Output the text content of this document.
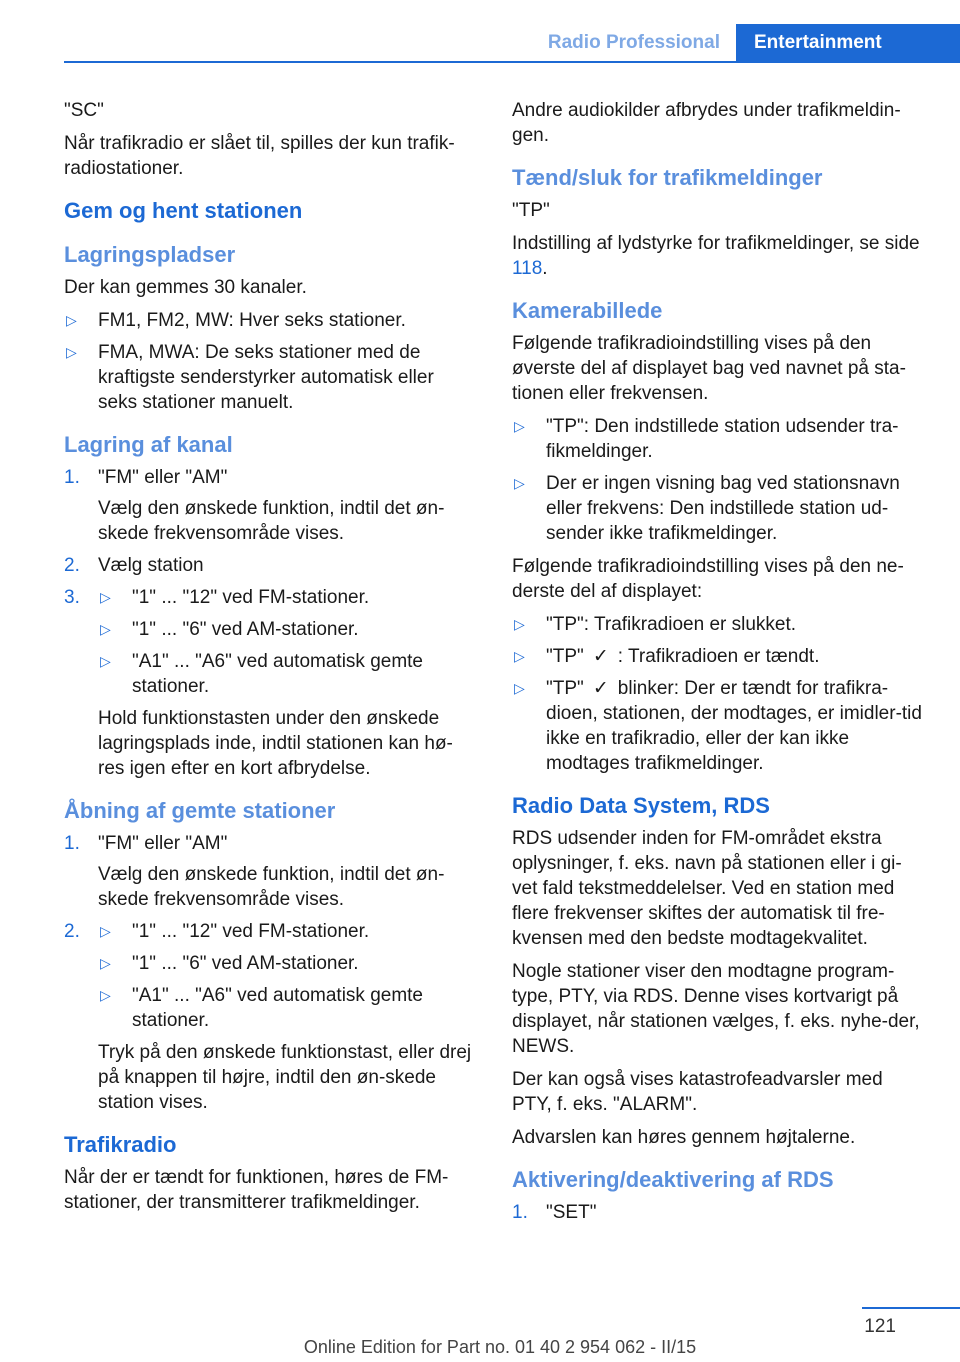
Radio Professional	Entertainment

"SC"

Når trafikradio er slået til, spilles der kun trafik-radiostationer.

Gem og hent stationen
Lagringspladser

Der kan gemmes 30 kanaler.

▷ FM1, FM2, MW: Hver seks stationer.
▷ FMA, MWA: De seks stationer med de kraftigste senderstyrker automatisk eller seks stationer manuelt.
Lagring af kanal
1. "FM" eller "AM"

Vælg den ønskede funktion, indtil det øn-skede frekvensområde vises.

2. Vælg station

3. ▷ "1" ... "12" ved FM-stationer.
▷ "1" ... "6" ved AM-stationer.
▷ "A1" ... "A6" ved automatisk gemte stationer.

Hold funktionstasten under den ønskede lagringsplads inde, indtil stationen kan hø-res igen efter en kort afbrydelse.

Åbning af gemte stationer
1. "FM" eller "AM"

Vælg den ønskede funktion, indtil det øn-skede frekvensområde vises.

2. ▷ "1" ... "12" ved FM-stationer.
▷ "1" ... "6" ved AM-stationer.
▷ "A1" ... "A6" ved automatisk gemte stationer.

Tryk på den ønskede funktionstast, eller drej på knappen til højre, indtil den øn-skede station vises.

Trafikradio

Når der er tændt for funktionen, høres de FM-stationer, der transmitterer trafikmeldinger.

Andre audiokilder afbrydes under trafikmeldin-gen.

Tænd/sluk for trafikmeldinger

"TP"

Indstilling af lydstyrke for trafikmeldinger, se side 118.

Kamerabillede

Følgende trafikradioindstilling vises på den øverste del af displayet bag ved navnet på sta-tionen eller frekvensen.

▷ "TP": Den indstillede station udsender tra-fikmeldinger.
▷ Der er ingen visning bag ved stationsnavn eller frekvens: Den indstillede station ud-sender ikke trafikmeldinger.

Følgende trafikradioindstilling vises på den ne-derste del af displayet:

▷ "TP": Trafikradioen er slukket.
▷ "TP" ✓ : Trafikradioen er tændt.
▷ "TP" ✓ blinker: Der er tændt for trafikra-dioen, stationen, der modtages, er imidler-tid ikke en trafikradio, eller der kan ikke modtages trafikmeldinger.
Radio Data System, RDS

RDS udsender inden for FM-området ekstra oplysninger, f. eks. navn på stationen eller i gi-vet fald tekstmeddelelser. Ved en station med flere frekvenser skiftes der automatisk til fre-kvensen med den bedste modtagekvalitet.

Nogle stationer viser den modtagne program-type, PTY, via RDS. Denne vises kortvarigt på displayet, når stationen vælges, f. eks. nyhe-der, NEWS.

Der kan også vises katastrofeadvarsler med PTY, f. eks. "ALARM".

Advarslen kan høres gennem højtalerne.

Aktivering/deaktivering af RDS
1. "SET"

121
Online Edition for Part no. 01 40 2 954 062 - II/15
